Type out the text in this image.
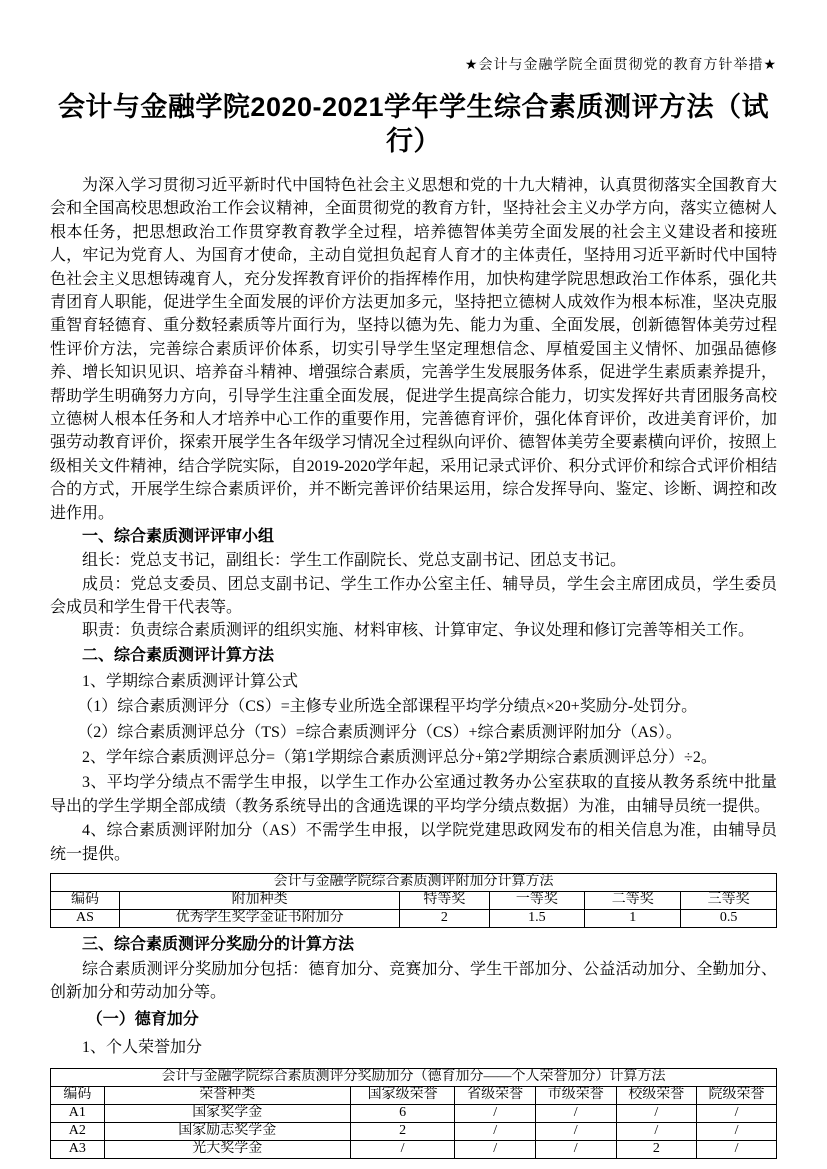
★会计与金融学院全面贯彻党的教育方针举措★
会计与金融学院2020-2021学年学生综合素质测评方法（试行）

为深入学习贯彻习近平新时代中国特色社会主义思想和党的十九大精神，认真贯彻落实全国教育大会和全国高校思想政治工作会议精神，全面贯彻党的教育方针，坚持社会主义办学方向，落实立德树人根本任务，把思想政治工作贯穿教育教学全过程，培养德智体美劳全面发展的社会主义建设者和接班人，牢记为党育人、为国育才使命，主动自觉担负起育人育才的主体责任，坚持用习近平新时代中国特色社会主义思想铸魂育人，充分发挥教育评价的指挥棒作用，加快构建学院思想政治工作体系，强化共青团育人职能，促进学生全面发展的评价方法更加多元，坚持把立德树人成效作为根本标准，坚决克服重智育轻德育、重分数轻素质等片面行为，坚持以德为先、能力为重、全面发展，创新德智体美劳过程性评价方法，完善综合素质评价体系，切实引导学生坚定理想信念、厚植爱国主义情怀、加强品德修养、增长知识见识、培养奋斗精神、增强综合素质，完善学生发展服务体系，促进学生素质素养提升，帮助学生明确努力方向，引导学生注重全面发展，促进学生提高综合能力，切实发挥好共青团服务高校立德树人根本任务和人才培养中心工作的重要作用，完善德育评价，强化体育评价，改进美育评价，加强劳动教育评价，探索开展学生各年级学习情况全过程纵向评价、德智体美劳全要素横向评价，按照上级相关文件精神，结合学院实际，自2019-2020学年起，采用记录式评价、积分式评价和综合式评价相结合的方式，开展学生综合素质评价，并不断完善评价结果运用，综合发挥导向、鉴定、诊断、调控和改进作用。

一、综合素质测评评审小组

组长：党总支书记，副组长：学生工作副院长、党总支副书记、团总支书记。

成员：党总支委员、团总支副书记、学生工作办公室主任、辅导员，学生会主席团成员，学生委员会成员和学生骨干代表等。

职责：负责综合素质测评的组织实施、材料审核、计算审定、争议处理和修订完善等相关工作。

二、综合素质测评计算方法

1、学期综合素质测评计算公式

（1）综合素质测评分（CS）=主修专业所选全部课程平均学分绩点×20+奖励分-处罚分。

（2）综合素质测评总分（TS）=综合素质测评分（CS）+综合素质测评附加分（AS）。

2、学年综合素质测评总分=（第1学期综合素质测评总分+第2学期综合素质测评总分）÷2。

3、平均学分绩点不需学生申报，以学生工作办公室通过教务办公室获取的直接从教务系统中批量导出的学生学期全部成绩（教务系统导出的含通选课的平均学分绩点数据）为准，由辅导员统一提供。

4、综合素质测评附加分（AS）不需学生申报，以学院党建思政网发布的相关信息为准，由辅导员统一提供。

会计与金融学院综合素质测评附加分计算方法					
编码	附加种类	特等奖	一等奖	二等奖	三等奖
AS	优秀学生奖学金证书附加分	2	1.5	1	0.5
三、综合素质测评分奖励分的计算方法

综合素质测评分奖励加分包括：德育加分、竞赛加分、学生干部加分、公益活动加分、全勤加分、创新加分和劳动加分等。

（一）德育加分

1、个人荣誉加分

会计与金融学院综合素质测评分奖励加分（德育加分——个人荣誉加分）计算方法						
编码	荣誉种类	国家级荣誉	省级荣誉	市级荣誉	校级荣誉	院级荣誉
A1	国家奖学金	6	/	/	/	/
A2	国家励志奖学金	2	/	/	/	/
A3	光大奖学金	/	/	/	2	/
